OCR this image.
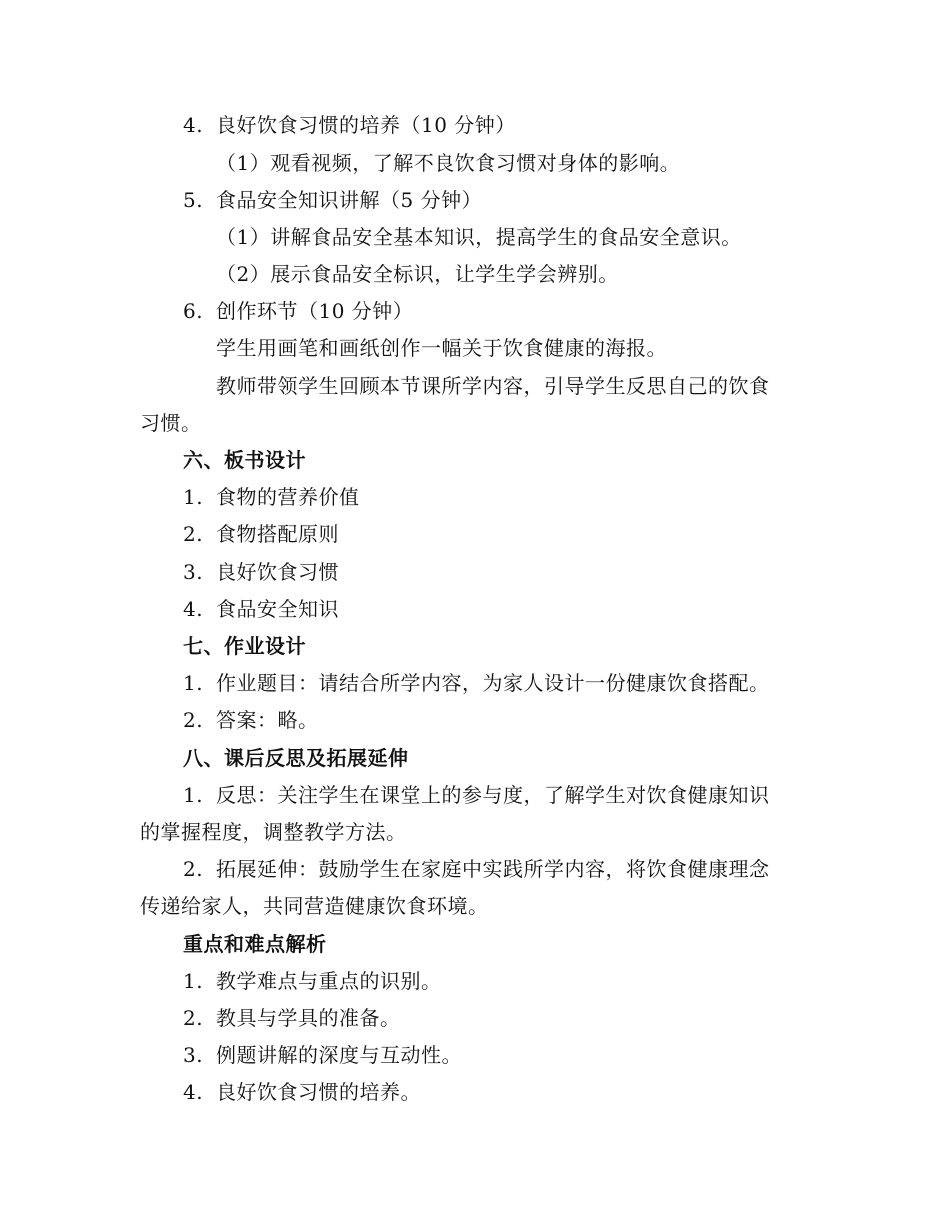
4. 良好饮食习惯的培养（10 分钟）
（1）观看视频，了解不良饮食习惯对身体的影响。
5. 食品安全知识讲解（5 分钟）
（1）讲解食品安全基本知识，提高学生的食品安全意识。
（2）展示食品安全标识，让学生学会辨别。
6. 创作环节（10 分钟）
学生用画笔和画纸创作一幅关于饮食健康的海报。
教师带领学生回顾本节课所学内容，引导学生反思自己的饮食
习惯。
六、板书设计
1. 食物的营养价值
2. 食物搭配原则
3. 良好饮食习惯
4. 食品安全知识
七、作业设计
1. 作业题目：请结合所学内容，为家人设计一份健康饮食搭配。
2. 答案：略。
八、课后反思及拓展延伸
1. 反思：关注学生在课堂上的参与度，了解学生对饮食健康知识
的掌握程度，调整教学方法。
2. 拓展延伸：鼓励学生在家庭中实践所学内容，将饮食健康理念
传递给家人，共同营造健康饮食环境。
重点和难点解析
1. 教学难点与重点的识别。
2. 教具与学具的准备。
3. 例题讲解的深度与互动性。
4. 良好饮食习惯的培养。
